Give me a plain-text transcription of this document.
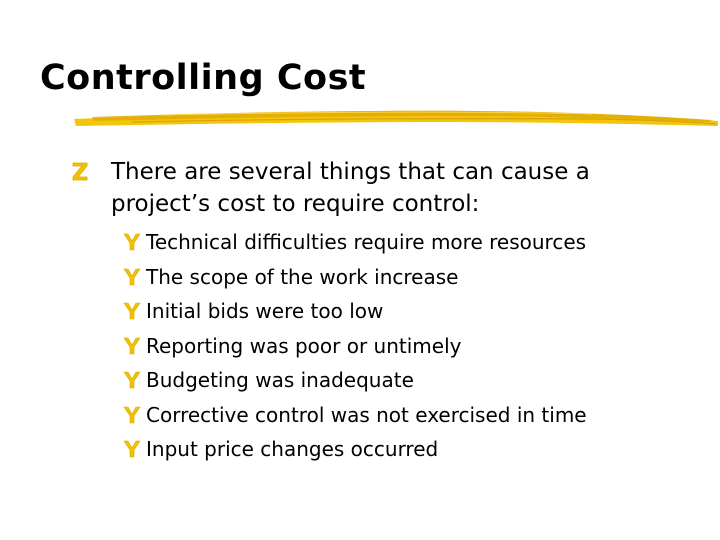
Controlling Cost
There are several things that can cause a project’s cost to require control:
Technical difficulties require more resources
The scope of the work increase
Initial bids were too low
Reporting was poor or untimely
Budgeting was inadequate
Corrective control was not exercised in time
Input price changes occurred
